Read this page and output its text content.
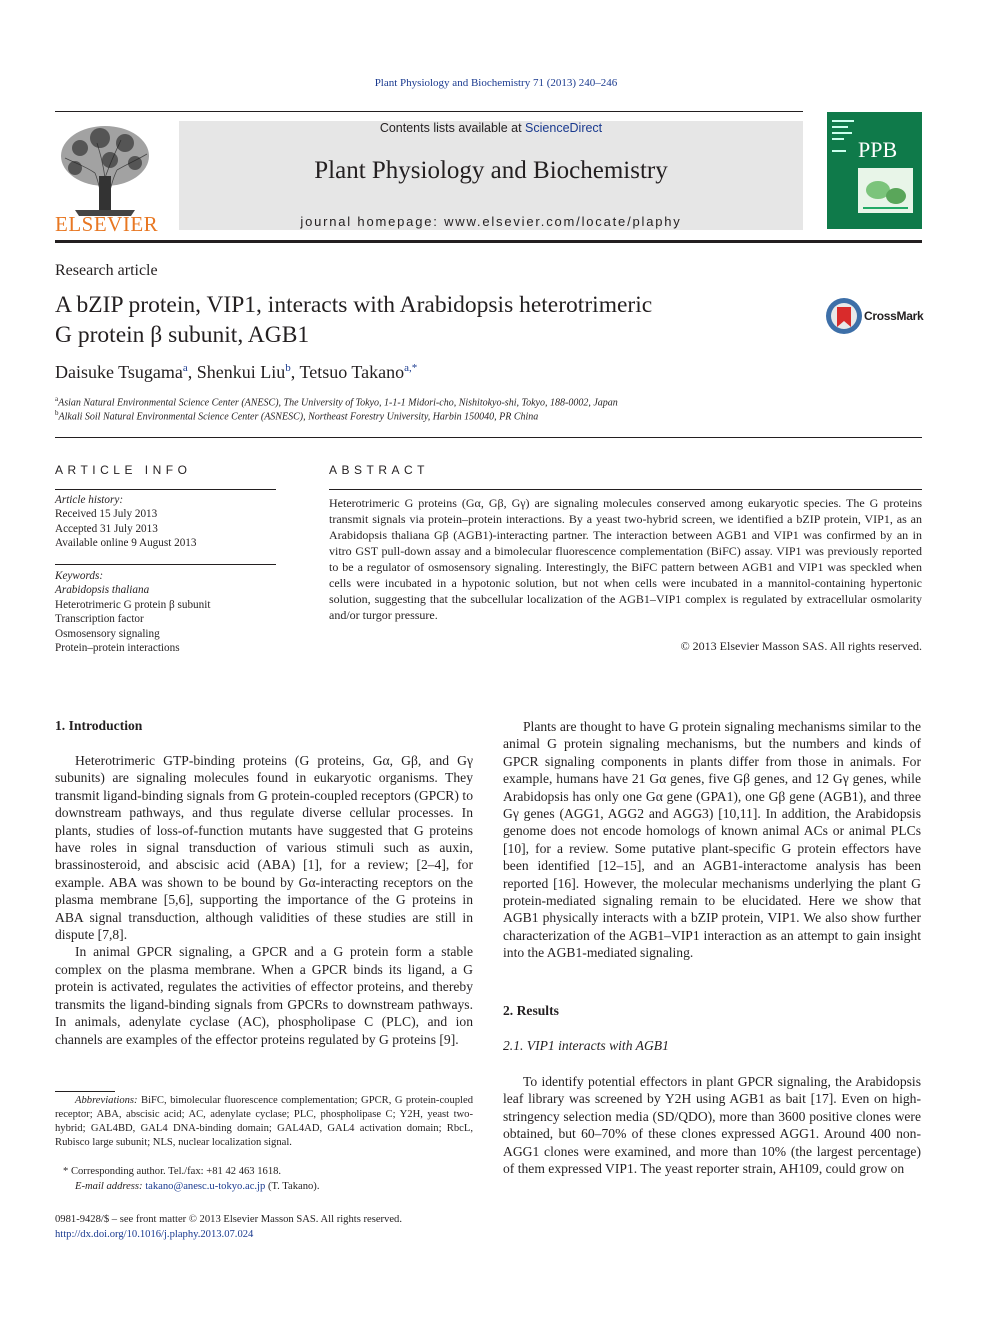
Plant Physiology and Biochemistry 71 (2013) 240–246
ELSEVIER
Contents lists available at ScienceDirect
Plant Physiology and Biochemistry
journal homepage: www.elsevier.com/locate/plaphy
PPB
Research article
A bZIP protein, VIP1, interacts with Arabidopsis heterotrimeric
G protein β subunit, AGB1
CrossMark
Daisuke Tsugama$^a$, Shenkui Liu$^b$, Tetsuo Takano$^{a,*}$
$^a$Asian Natural Environmental Science Center (ANESC), The University of Tokyo, 1-1-1 Midori-cho, Nishitokyo-shi, Tokyo, 188-0002, Japan
$^b$Alkali Soil Natural Environmental Science Center (ASNESC), Northeast Forestry University, Harbin 150040, PR China
ARTICLE INFO
Article history:
Received 15 July 2013
Accepted 31 July 2013
Available online 9 August 2013
Keywords:
Arabidopsis thaliana
Heterotrimeric G protein β subunit
Transcription factor
Osmosensory signaling
Protein–protein interactions
ABSTRACT
Heterotrimeric G proteins (Gα, Gβ, Gγ) are signaling molecules conserved among eukaryotic species. The G proteins transmit signals via protein–protein interactions. By a yeast two-hybrid screen, we identified a bZIP protein, VIP1, as an Arabidopsis thaliana Gβ (AGB1)-interacting partner. The interaction between AGB1 and VIP1 was confirmed by an in vitro GST pull-down assay and a bimolecular fluorescence complementation (BiFC) assay. VIP1 was previously reported to be a regulator of osmosensory signaling. Interestingly, the BiFC pattern between AGB1 and VIP1 was speckled when cells were incubated in a hypotonic solution, but not when cells were incubated in a mannitol-containing hypertonic solution, suggesting that the subcellular localization of the AGB1–VIP1 complex is regulated by extracellular osmolarity and/or turgor pressure.
© 2013 Elsevier Masson SAS. All rights reserved.
1. Introduction

Heterotrimeric GTP-binding proteins (G proteins, Gα, Gβ, and Gγ subunits) are signaling molecules found in eukaryotic organisms. They transmit ligand-binding signals from G protein-coupled receptors (GPCR) to downstream pathways, and thus regulate diverse cellular processes. In plants, studies of loss-of-function mutants have suggested that G proteins have roles in signal transduction of various stimuli such as auxin, brassinosteroid, and abscisic acid (ABA) [1], for a review; [2–4], for example. ABA was shown to be bound by Gα-interacting receptors on the plasma membrane [5,6], supporting the importance of the G proteins in ABA signal transduction, although validities of these studies are still in dispute [7,8].

In animal GPCR signaling, a GPCR and a G protein form a stable complex on the plasma membrane. When a GPCR binds its ligand, a G protein is activated, regulates the activities of effector proteins, and thereby transmits the ligand-binding signals from GPCRs to downstream pathways. In animals, adenylate cyclase (AC), phospholipase C (PLC), and ion channels are examples of the effector proteins regulated by G proteins [9].

Plants are thought to have G protein signaling mechanisms similar to the animal G protein signaling mechanisms, but the numbers and kinds of GPCR signaling components in plants differ from those in animals. For example, humans have 21 Gα genes, five Gβ genes, and 12 Gγ genes, while Arabidopsis has only one Gα gene (GPA1), one Gβ gene (AGB1), and three Gγ genes (AGG1, AGG2 and AGG3) [10,11]. In addition, the Arabidopsis genome does not encode homologs of known animal ACs or animal PLCs [10], for a review. Some putative plant-specific G protein effectors have been identified [12–15], and an AGB1-interactome analysis has been reported [16]. However, the molecular mechanisms underlying the plant G protein-mediated signaling remain to be elucidated. Here we show that AGB1 physically interacts with a bZIP protein, VIP1. We also show further characterization of the AGB1–VIP1 interaction as an attempt to gain insight into the AGB1-mediated signaling.

2. Results
2.1. VIP1 interacts with AGB1

To identify potential effectors in plant GPCR signaling, the Arabidopsis leaf library was screened by Y2H using AGB1 as bait [17]. Even on high-stringency selection media (SD/QDO), more than 3600 positive clones were obtained, but 60–70% of these clones expressed AGG1. Around 400 non-AGG1 clones were examined, and more than 10% (the largest percentage) of them expressed VIP1. The yeast reporter strain, AH109, could grow on

Abbreviations: BiFC, bimolecular fluorescence complementation; GPCR, G protein-coupled receptor; ABA, abscisic acid; AC, adenylate cyclase; PLC, phospholipase C; Y2H, yeast two-hybrid; GAL4BD, GAL4 DNA-binding domain; GAL4AD, GAL4 activation domain; RbcL, Rubisco large subunit; NLS, nuclear localization signal.
* Corresponding author. Tel./fax: +81 42 463 1618.
E-mail address: takano@anesc.u-tokyo.ac.jp (T. Takano).
0981-9428/$ – see front matter © 2013 Elsevier Masson SAS. All rights reserved.
http://dx.doi.org/10.1016/j.plaphy.2013.07.024
